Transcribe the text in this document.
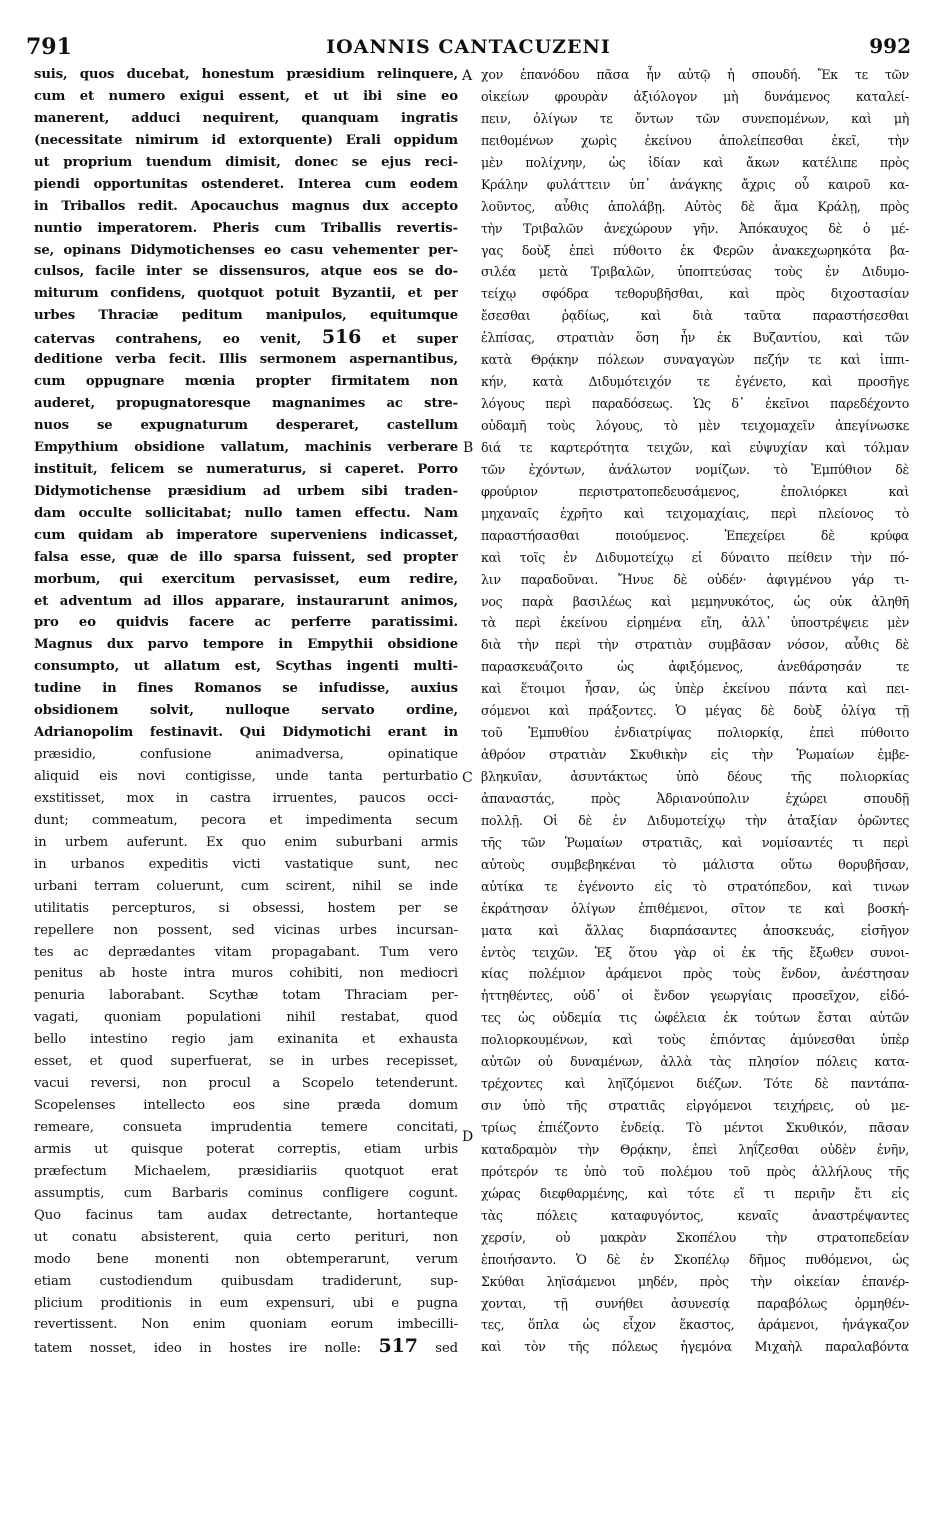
791	IOANNIS CANTACUZENI	992
A
B
C
D
suis, quos ducebat, honestum præsidium relinquere,
cum et numero exigui essent, et ut ibi sine eo
manerent, adduci nequirent, quanquam ingratis
(necessitate nimirum id extorquente) Erali oppidum
ut proprium tuendum dimisit, donec se ejus reci-
piendi opportunitas ostenderet. Interea cum eodem
in Triballos redit. Apocauchus magnus dux accepto
nuntio imperatorem. Pheris cum Triballis revertis-
se, opinans Didymotichenses eo casu vehementer per-
culsos, facile inter se dissensuros, atque eos se do-
miturum confidens, quotquot potuit Byzantii, et per
urbes Thraciæ peditum manipulos, equitumque
catervas contrahens, eo venit, 516 et super
deditione verba fecit. Illis sermonem aspernantibus,
cum oppugnare mœnia propter firmitatem non
auderet, propugnatoresque magnanimes ac stre-
nuos se expugnaturum desperaret, castellum
Empythium obsidione vallatum, machinis verberare
instituit, felicem se numeraturus, si caperet. Porro
Didymotichense præsidium ad urbem sibi traden-
dam occulte sollicitabat; nullo tamen effectu. Nam
cum quidam ab imperatore superveniens indicasset,
falsa esse, quæ de illo sparsa fuissent, sed propter
morbum, qui exercitum pervasisset, eum redire,
et adventum ad illos apparare, instaurarunt animos,
pro eo quidvis facere ac perferre paratissimi.
Magnus dux parvo tempore in Empythii obsidione
consumpto, ut allatum est, Scythas ingenti multi-
tudine in fines Romanos se infudisse, auxius
obsidionem solvit, nulloque servato ordine,
Adrianopolim festinavit. Qui Didymotichi erant in
præsidio, confusione animadversa, opinatique
aliquid eis novi contigisse, unde tanta perturbatio
exstitisset, mox in castra irruentes, paucos occi-
dunt; commeatum, pecora et impedimenta secum
in urbem auferunt. Ex quo enim suburbani armis
in urbanos expeditis victi vastatique sunt, nec
urbani terram coluerunt, cum scirent, nihil se inde
utilitatis percepturos, si obsessi, hostem per se
repellere non possent, sed vicinas urbes incursan-
tes ac deprædantes vitam propagabant. Tum vero
penitus ab hoste intra muros cohibiti, non mediocri
penuria laborabant. Scythæ totam Thraciam per-
vagati, quoniam populationi nihil restabat, quod
bello intestino regio jam exinanita et exhausta
esset, et quod superfuerat, se in urbes recepisset,
vacui reversi, non procul a Scopelo tetenderunt.
Scopelenses intellecto eos sine præda domum
remeare, consueta imprudentia temere concitati,
armis ut quisque poterat correptis, etiam urbis
præfectum Michaelem, præsidiariis quotquot erat
assumptis, cum Barbaris cominus confligere cogunt.
Quo facinus tam audax detrectante, hortanteque
ut conatu absisterent, quia certo perituri, non
modo bene monenti non obtemperarunt, verum
etiam custodiendum quibusdam tradiderunt, sup-
plicium proditionis in eum expensuri, ubi e pugna
revertissent. Non enim quoniam eorum imbecilli-
tatem nosset, ideo in hostes ire nolle: 517 sed
χον ἐπανόδου πᾶσα ἦν αὐτῷ ἡ σπουδή. Ἔκ τε τῶν
οἰκείων φρουρὰν ἀξιόλογον μὴ δυνάμενος καταλεί-
πειν, ὀλίγων τε ὄντων τῶν συνεπομένων, καὶ μὴ
πειθομένων χωρὶς ἐκείνου ἀπολείπεσθαι ἐκεῖ, τὴν
μὲν πολίχνην, ὡς ἰδίαν καὶ ἄκων κατέλιπε πρὸς
Κράλην φυλάττειν ὑπ᾽ ἀνάγκης ἄχρις οὗ καιροῦ κα-
λοῦντος, αὖθις ἀπολάβῃ. Αὐτὸς δὲ ἅμα Κράλῃ, πρὸς
τὴν Τριβαλῶν ἀνεχώρουν γῆν. Ἀπόκαυχος δὲ ὁ μέ-
γας δοὺξ ἐπεὶ πύθοιτο ἐκ Φερῶν ἀνακεχωρηκότα βα-
σιλέα μετὰ Τριβαλῶν, ὑποπτεύσας τοὺς ἐν Διδυμο-
τείχῳ σφόδρα τεθορυβῆσθαι, καὶ πρὸς διχοστασίαν
ἔσεσθαι ῥᾳδίως, καὶ διὰ ταῦτα παραστήσεσθαι
ἐλπίσας, στρατιὰν ὅση ἦν ἐκ Βυζαντίου, καὶ τῶν
κατὰ Θρᾴκην πόλεων συναγαγὼν πεζήν τε καὶ ἱππι-
κήν, κατὰ Διδυμότειχόν τε ἐγένετο, καὶ προσῆγε
λόγους περὶ παραδόσεως. Ὡς δ᾽ ἐκεῖνοι παρεδέχοντο
οὐδαμῆ τοὺς λόγους, τὸ μὲν τειχομαχεῖν ἀπεγίνωσκε
διά τε καρτερότητα τειχῶν, καὶ εὐψυχίαν καὶ τόλμαν
τῶν ἐχόντων, ἀνάλωτον νομίζων. τὸ Ἐμπύθιον δὲ
φρούριον περιστρατοπεδευσάμενος, ἐπολιόρκει καὶ
μηχαναῖς ἐχρῆτο καὶ τειχομαχίαις, περὶ πλείονος τὸ
παραστήσασθαι ποιούμενος. Ἐπεχείρει δὲ κρύφα
καὶ τοῖς ἐν Διδυμοτείχῳ εἰ δύναιτο πείθειν τὴν πό-
λιν παραδοῦναι. Ἤνυε δὲ οὐδέν· ἀφιγμένου γάρ τι-
νος παρὰ βασιλέως καὶ μεμηνυκότος, ὡς οὐκ ἀληθῆ
τὰ περὶ ἐκείνου εἰρημένα εἴη, ἀλλ᾽ ὑποστρέψειε μὲν
διὰ τὴν περὶ τὴν στρατιὰν συμβᾶσαν νόσον, αὖθις δὲ
παρασκευάζοιτο ὡς ἀφιξόμενος, ἀνεθάρσησάν τε
καὶ ἕτοιμοι ἦσαν, ὡς ὑπὲρ ἐκείνου πάντα καὶ πει-
σόμενοι καὶ πράξοντες. Ὁ μέγας δὲ δοὺξ ὀλίγα τῇ
τοῦ Ἐμπυθίου ἐνδιατρίψας πολιορκίᾳ, ἐπεὶ πύθοιτο
ἀθρόον στρατιὰν Σκυθικὴν εἰς τὴν Ῥωμαίων ἐμβε-
βληκυῖαν, ἀσυντάκτως ὑπὸ δέους τῆς πολιορκίας
ἀπαναστάς, πρὸς Ἀδριανούπολιν ἐχώρει σπουδῇ
πολλῇ. Οἱ δὲ ἐν Διδυμοτείχῳ τὴν ἀταξίαν ὁρῶντες
τῆς τῶν Ῥωμαίων στρατιᾶς, καὶ νομίσαντές τι περὶ
αὐτοὺς συμβεβηκέναι τὸ μάλιστα οὕτω θορυβῆσαν,
αὐτίκα τε ἐγένοντο εἰς τὸ στρατόπεδον, καὶ τινων
ἐκράτησαν ὀλίγων ἐπιθέμενοι, σῖτον τε καὶ βοσκή-
ματα καὶ ἄλλας διαρπάσαντες ἀποσκευάς, εἰσῆγον
ἐντὸς τειχῶν. Ἐξ ὅτου γὰρ οἱ ἐκ τῆς ἔξωθεν συνοι-
κίας πολέμιον ἀράμενοι πρὸς τοὺς ἔνδον, ἀνέστησαν
ἡττηθέντες, οὐδ᾽ οἱ ἔνδον γεωργίαις προσεῖχον, εἰδό-
τες ὡς οὐδεμία τις ὠφέλεια ἐκ τούτων ἔσται αὐτῶν
πολιορκουμένων, καὶ τοὺς ἐπιόντας ἀμύνεσθαι ὑπὲρ
αὐτῶν οὐ δυναμένων, ἀλλὰ τὰς πλησίον πόλεις κατα-
τρέχοντες καὶ ληϊζόμενοι διέζων. Τότε δὲ παντάπα-
σιν ὑπὸ τῆς στρατιᾶς εἰργόμενοι τειχήρεις, οὐ με-
τρίως ἐπιέζοντο ἐνδείᾳ. Τὸ μέντοι Σκυθικόν, πᾶσαν
καταδραμὸν τὴν Θρᾴκην, ἐπεὶ ληΐζεσθαι οὐδὲν ἐνῆν,
πρότερόν τε ὑπὸ τοῦ πολέμου τοῦ πρὸς ἀλλήλους τῆς
χώρας διεφθαρμένης, καὶ τότε εἴ τι περιῆν ἔτι εἰς
τὰς πόλεις καταφυγόντος, κεναῖς ἀναστρέψαντες
χερσίν, οὐ μακρὰν Σκοπέλου τὴν στρατοπεδείαν
ἐποιήσαντο. Ὁ δὲ ἐν Σκοπέλῳ δῆμος πυθόμενοι, ὡς
Σκύθαι ληϊσάμενοι μηδέν, πρὸς τὴν οἰκείαν ἐπανέρ-
χονται, τῇ συνήθει ἀσυνεσίᾳ παραβόλως ὁρμηθέν-
τες, ὅπλα ὡς εἶχον ἕκαστος, ἀράμενοι, ἠνάγκαζον
καὶ τὸν τῆς πόλεως ἡγεμόνα Μιχαὴλ παραλαβόντα
